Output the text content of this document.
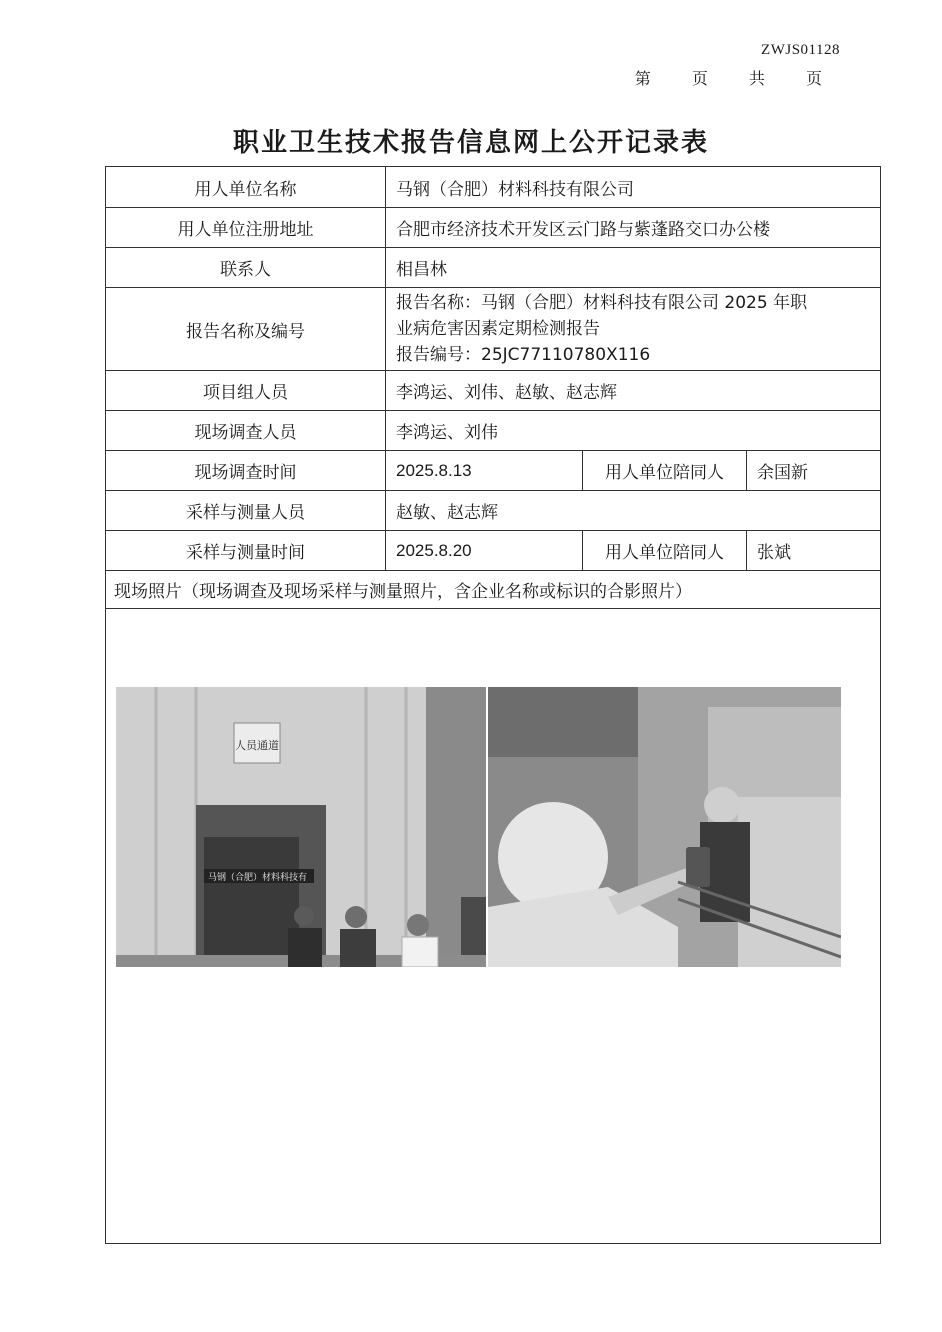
ZWJS01128
第 页 共 页
职业卫生技术报告信息网上公开记录表
用人单位名称	马钢（合肥）材料科技有限公司		
用人单位注册地址	合肥市经济技术开发区云门路与紫蓬路交口办公楼		
联系人	相昌林		
报告名称及编号	报告名称：马钢（合肥）材料科技有限公司 2025 年职
业病危害因素定期检测报告
报告编号：25JC77110780X116		

项目组人员	李鸿运、刘伟、赵敏、赵志辉		
现场调查人员	李鸿运、刘伟		
现场调查时间	2025.8.13	用人单位陪同人	余国新
采样与测量人员	赵敏、赵志辉		
采样与测量时间	2025.8.20	用人单位陪同人	张斌
现场照片（现场调查及现场采样与测量照片，含企业名称或标识的合影照片）			

人员通道
马钢（合肥）材料科技有			
